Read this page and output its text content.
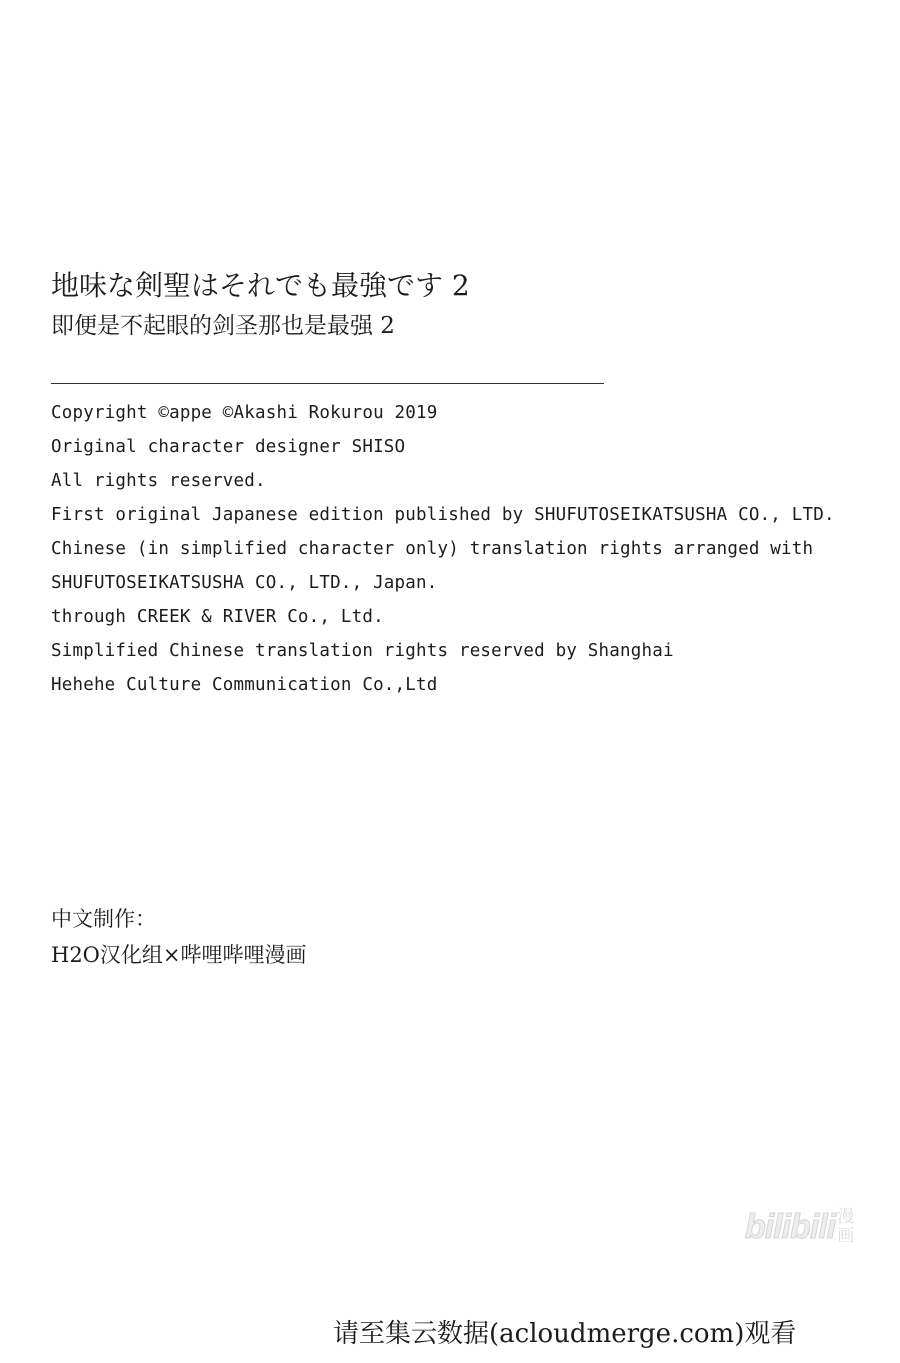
地味な剣聖はそれでも最強です 2
即便是不起眼的剑圣那也是最强 2
Copyright ©appe ©Akashi Rokurou 2019
Original character designer SHISO
All rights reserved.
First original Japanese edition published by SHUFUTOSEIKATSUSHA CO., LTD.
Chinese (in simplified character only) translation rights arranged with
SHUFUTOSEIKATSUSHA CO., LTD., Japan.
through CREEK & RIVER Co., Ltd.
Simplified Chinese translation rights reserved by Shanghai
Hehehe Culture Communication Co.,Ltd
中文制作：
H2O汉化组×哔哩哔哩漫画
bilibili 漫
画
请至集云数据(acloudmerge.com)观看
